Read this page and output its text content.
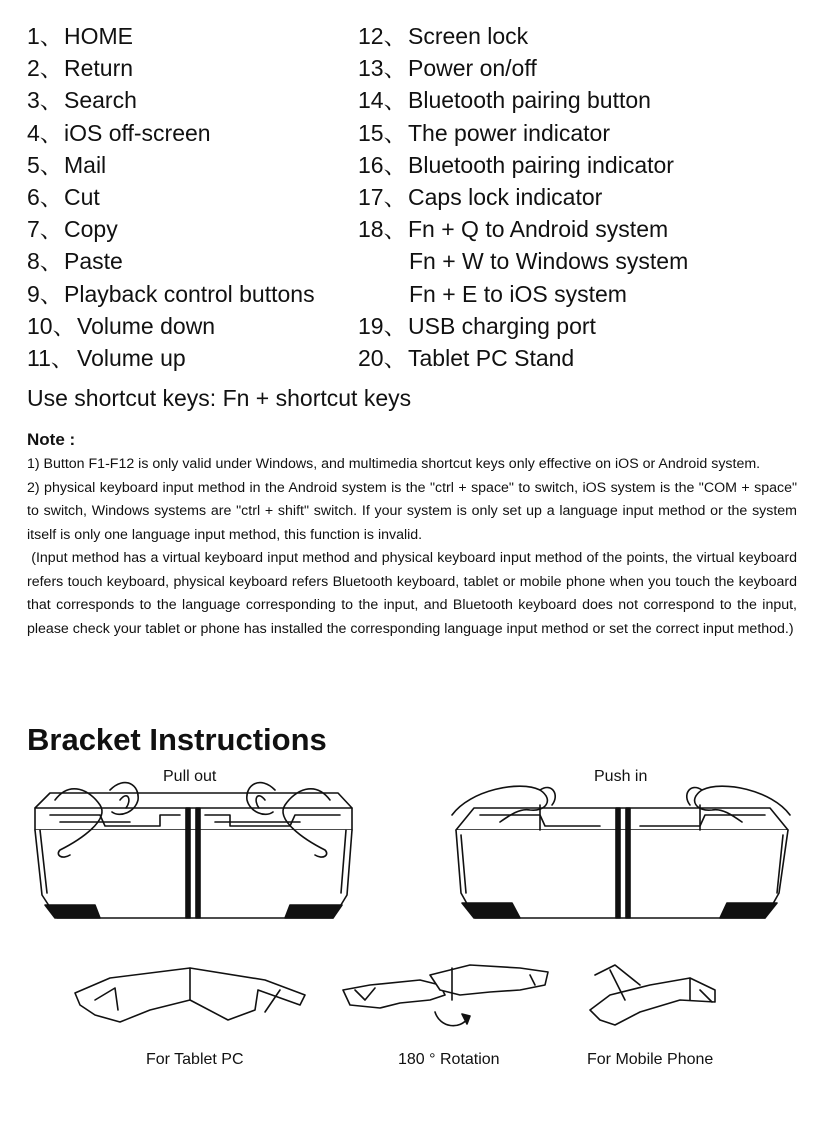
1、 HOME
2、 Return
3、 Search
4、 iOS off-screen
5、 Mail
6、 Cut
7、 Copy
8、 Paste
9、 Playback control buttons
10、 Volume down
11、 Volume up
12、 Screen lock
13、 Power on/off
14、 Bluetooth pairing button
15、 The power indicator
16、 Bluetooth pairing indicator
17、 Caps lock indicator
18、 Fn + Q to Android system
Fn + W to Windows system
Fn + E to iOS system
19、 USB charging port
20、 Tablet PC Stand
Use shortcut keys: Fn + shortcut keys
Note :

1) Button F1-F12 is only valid under Windows, and multimedia shortcut keys only effective on iOS or Android system.

2) physical keyboard input method in the Android system is the "ctrl + space" to switch, iOS system is the "COM + space" to switch, Windows systems are "ctrl + shift" switch. If your system is only set up a language input method or the system itself is only one language input method, this function is invalid.

(Input method has a virtual keyboard input method and physical keyboard input method of the points, the virtual keyboard refers touch keyboard, physical keyboard refers Bluetooth keyboard, tablet or mobile phone when you touch the keyboard that corresponds to the language corresponding to the input, and Bluetooth keyboard does not correspond to the input, please check your tablet or phone has installed the corresponding language input method or set the correct input method.)

Bracket Instructions
Pull out	Push in
For Tablet PC	180 ° Rotation	For Mobile Phone
